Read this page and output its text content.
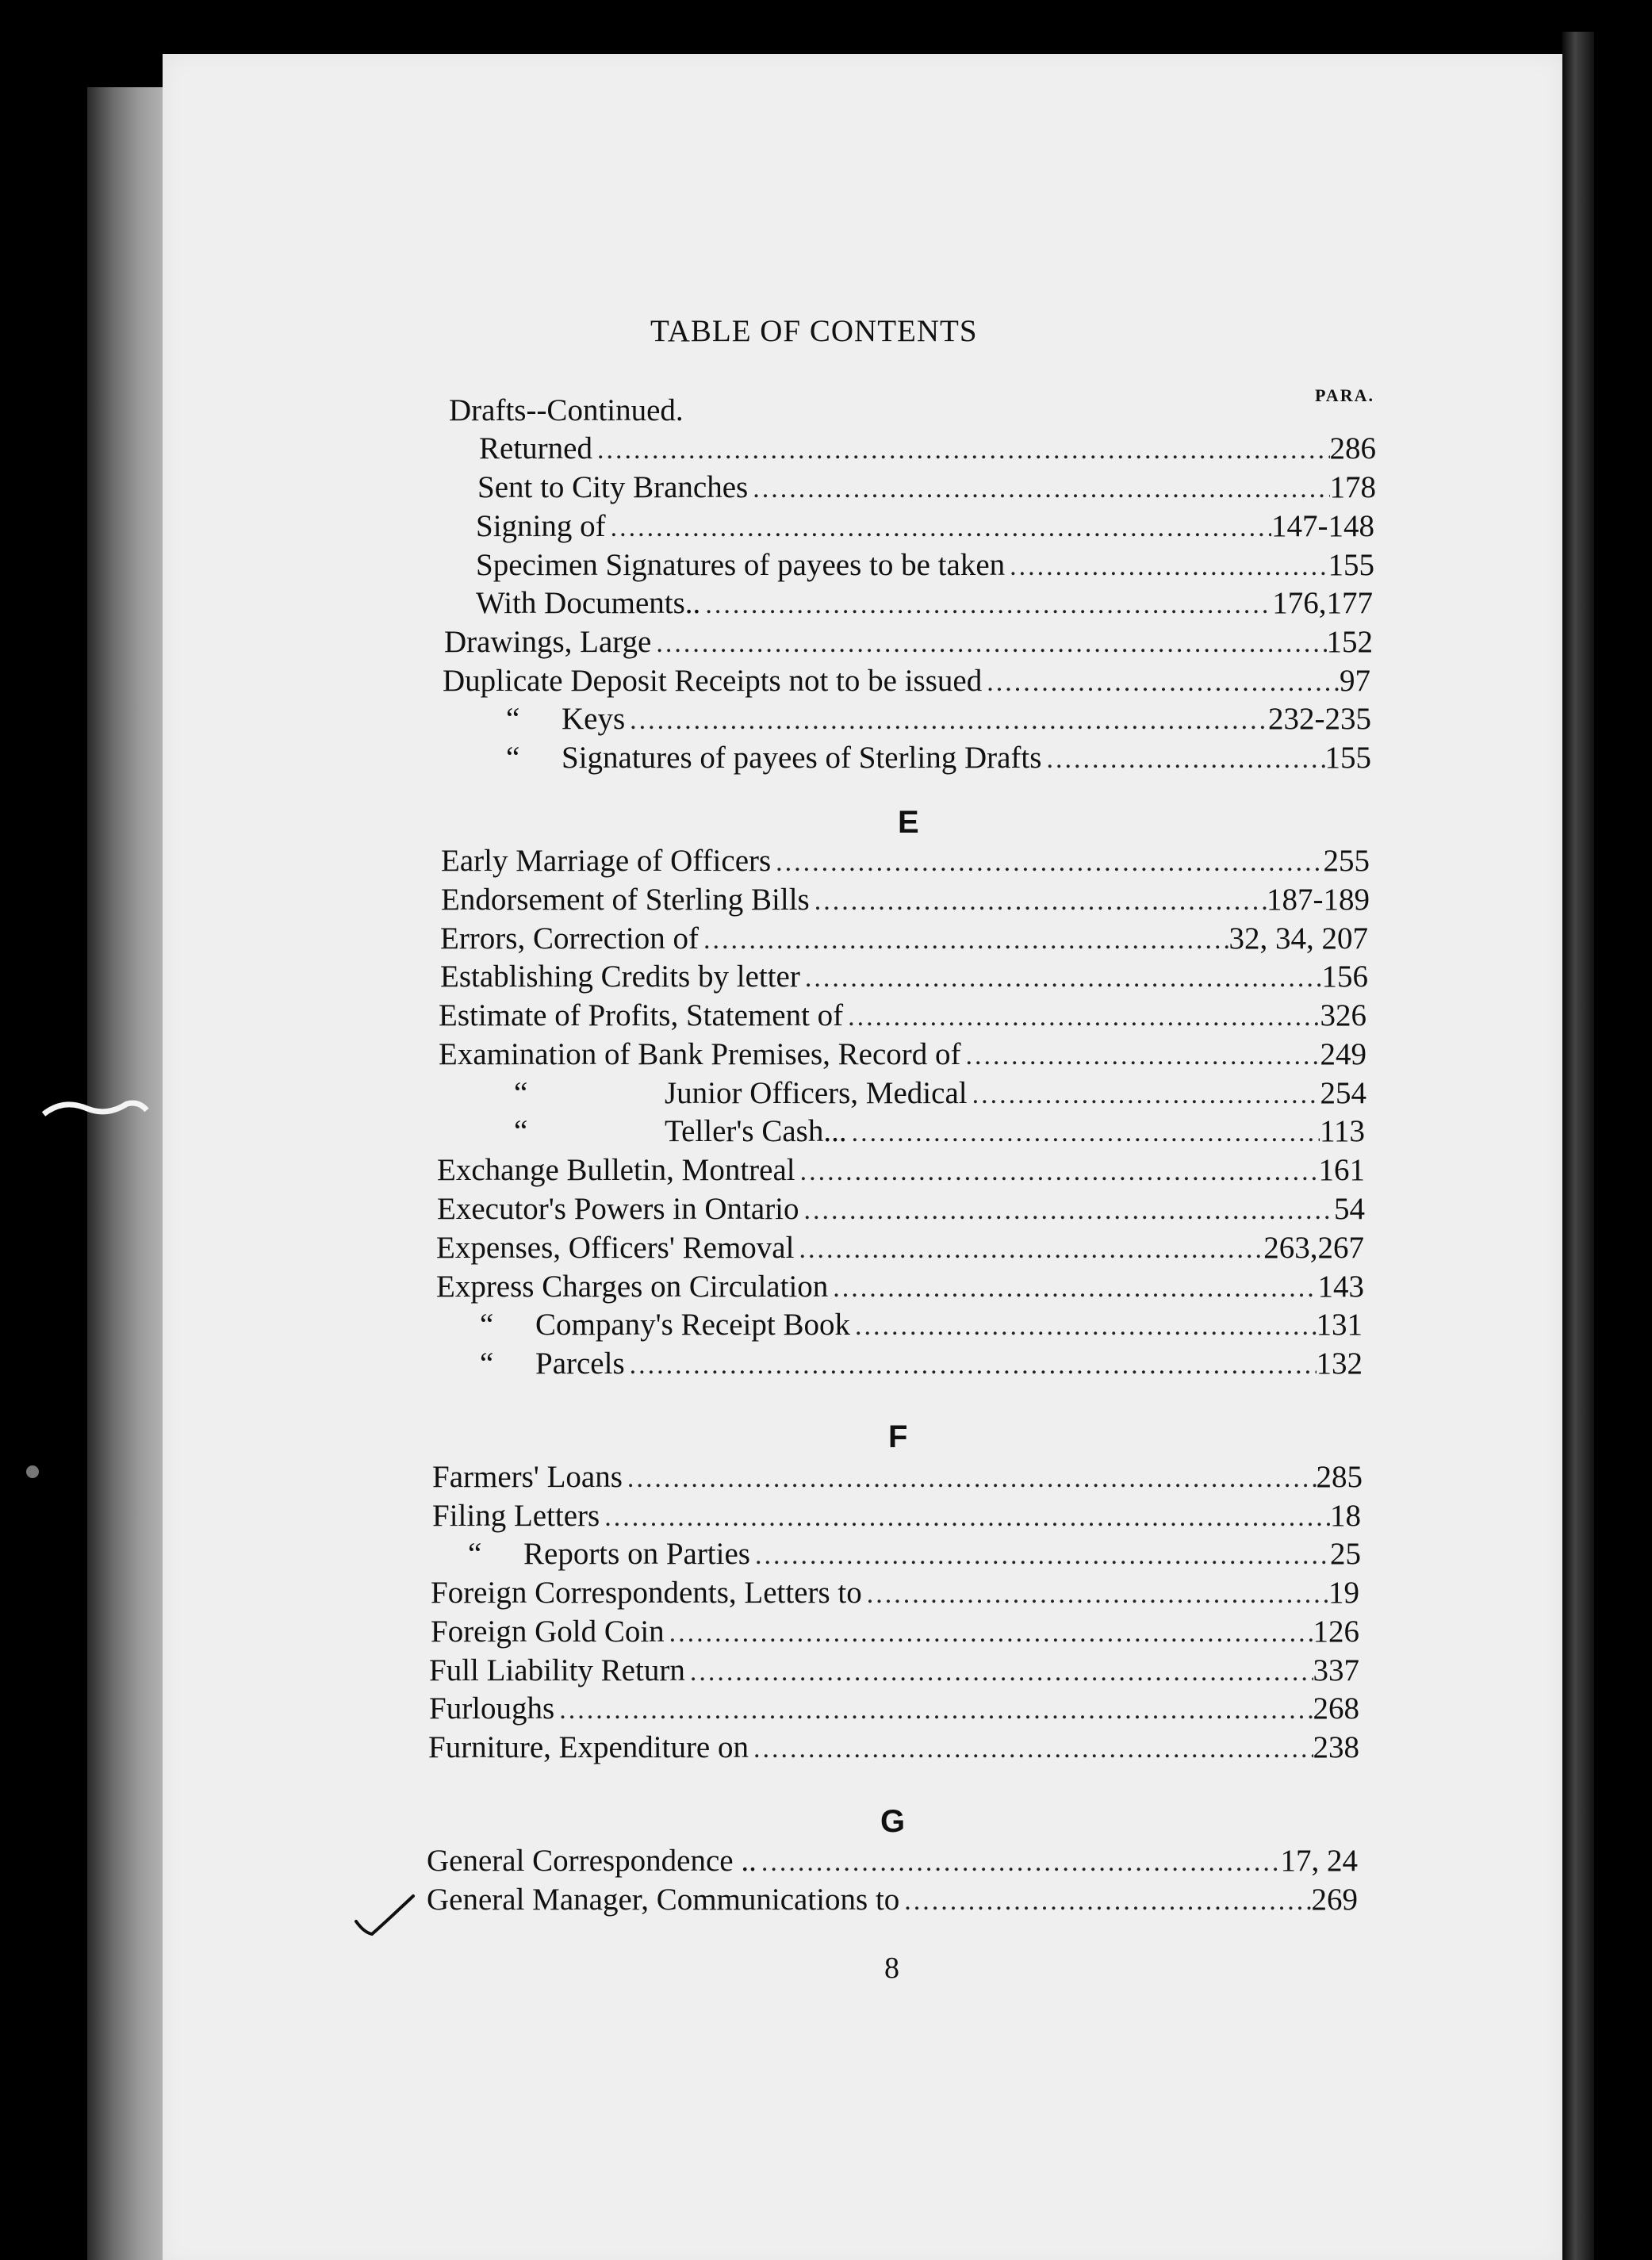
TABLE OF CONTENTS
PARA.
Drafts--Continued.
Returned .....	286
Sent to City Branches .....	178
Signing of .....	147-148
Specimen Signatures of payees to be taken .....	155
With Documents.. .....	176,177
Drawings, Large .....	152
Duplicate Deposit Receipts not to be issued .....	97
“	Keys .....	232-235
“	Signatures of payees of Sterling Drafts .....	155
E
Early Marriage of Officers .....	255
Endorsement of Sterling Bills .....	187-189
Errors, Correction of .....	32, 34, 207
Establishing Credits by letter .....	156
Estimate of Profits, Statement of .....	326
Examination of Bank Premises, Record of .....	249
“	Junior Officers, Medical .....	254
“	Teller's Cash... .....	113
Exchange Bulletin, Montreal .....	161
Executor's Powers in Ontario .....	54
Expenses, Officers' Removal .....	263,267
Express Charges on Circulation .....	143
“	Company's Receipt Book .....	131
“	Parcels .....	132
F
Farmers' Loans .....	285
Filing Letters .....	18
“	Reports on Parties .....	25
Foreign Correspondents, Letters to .....	19
Foreign Gold Coin .....	126
Full Liability Return .....	337
Furloughs .....	268
Furniture, Expenditure on .....	238
G
General Correspondence .. .....	17, 24
General Manager, Communications to .....	269
8
